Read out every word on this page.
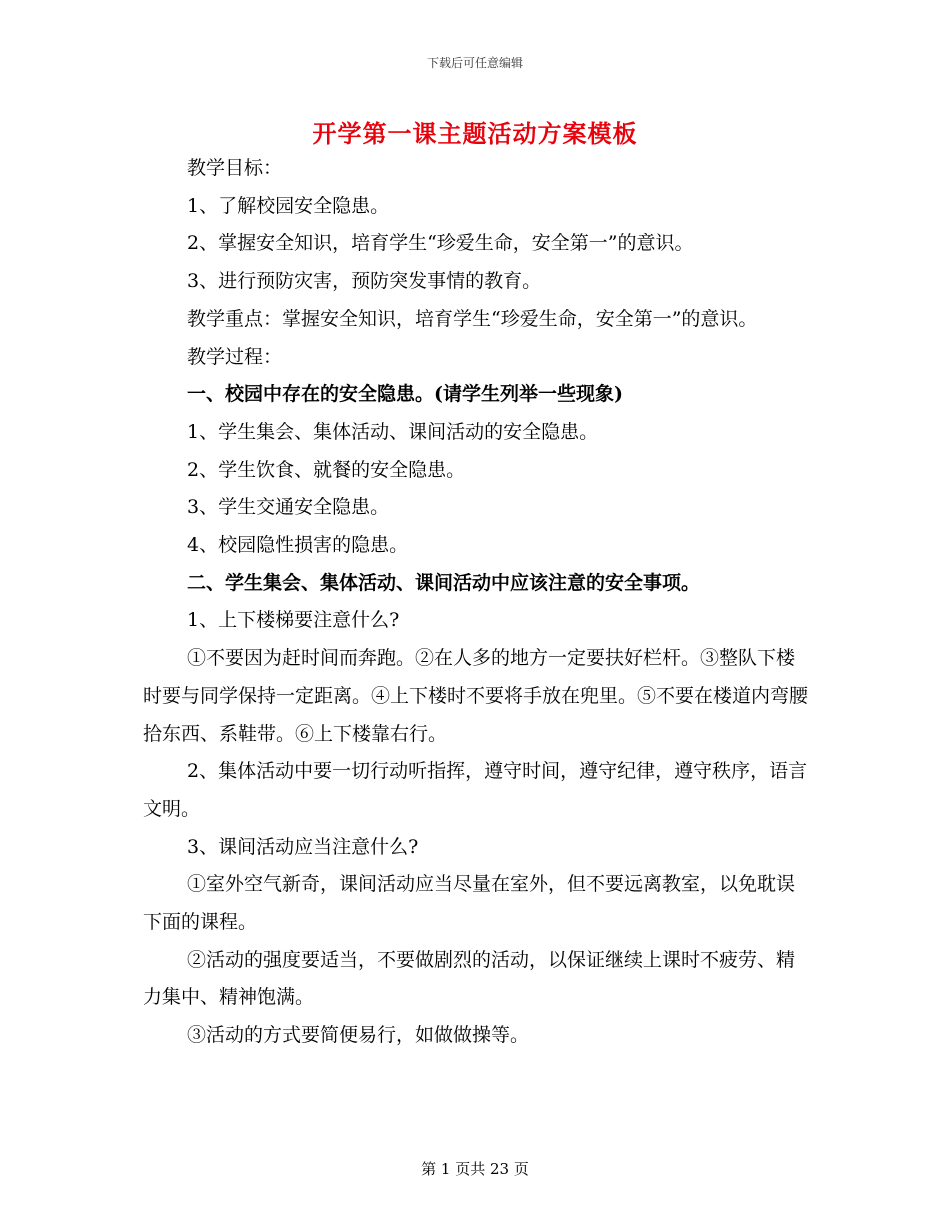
下载后可任意编辑
开学第一课主题活动方案模板

教学目标：

1、了解校园安全隐患。

2、掌握安全知识，培育学生“珍爱生命，安全第一”的意识。

3、进行预防灾害，预防突发事情的教育。

教学重点：掌握安全知识，培育学生“珍爱生命，安全第一”的意识。

教学过程：

一、校园中存在的安全隐患。(请学生列举一些现象)

1、学生集会、集体活动、课间活动的安全隐患。

2、学生饮食、就餐的安全隐患。

3、学生交通安全隐患。

4、校园隐性损害的隐患。

二、学生集会、集体活动、课间活动中应该注意的安全事项。

1、上下楼梯要注意什么?

①不要因为赶时间而奔跑。②在人多的地方一定要扶好栏杆。③整队下楼时要与同学保持一定距离。④上下楼时不要将手放在兜里。⑤不要在楼道内弯腰拾东西、系鞋带。⑥上下楼靠右行。

2、集体活动中要一切行动听指挥，遵守时间，遵守纪律，遵守秩序，语言文明。

3、课间活动应当注意什么?

①室外空气新奇，课间活动应当尽量在室外，但不要远离教室，以免耽误下面的课程。

②活动的强度要适当，不要做剧烈的活动，以保证继续上课时不疲劳、精力集中、精神饱满。

③活动的方式要简便易行，如做做操等。

第 1 页共 23 页
